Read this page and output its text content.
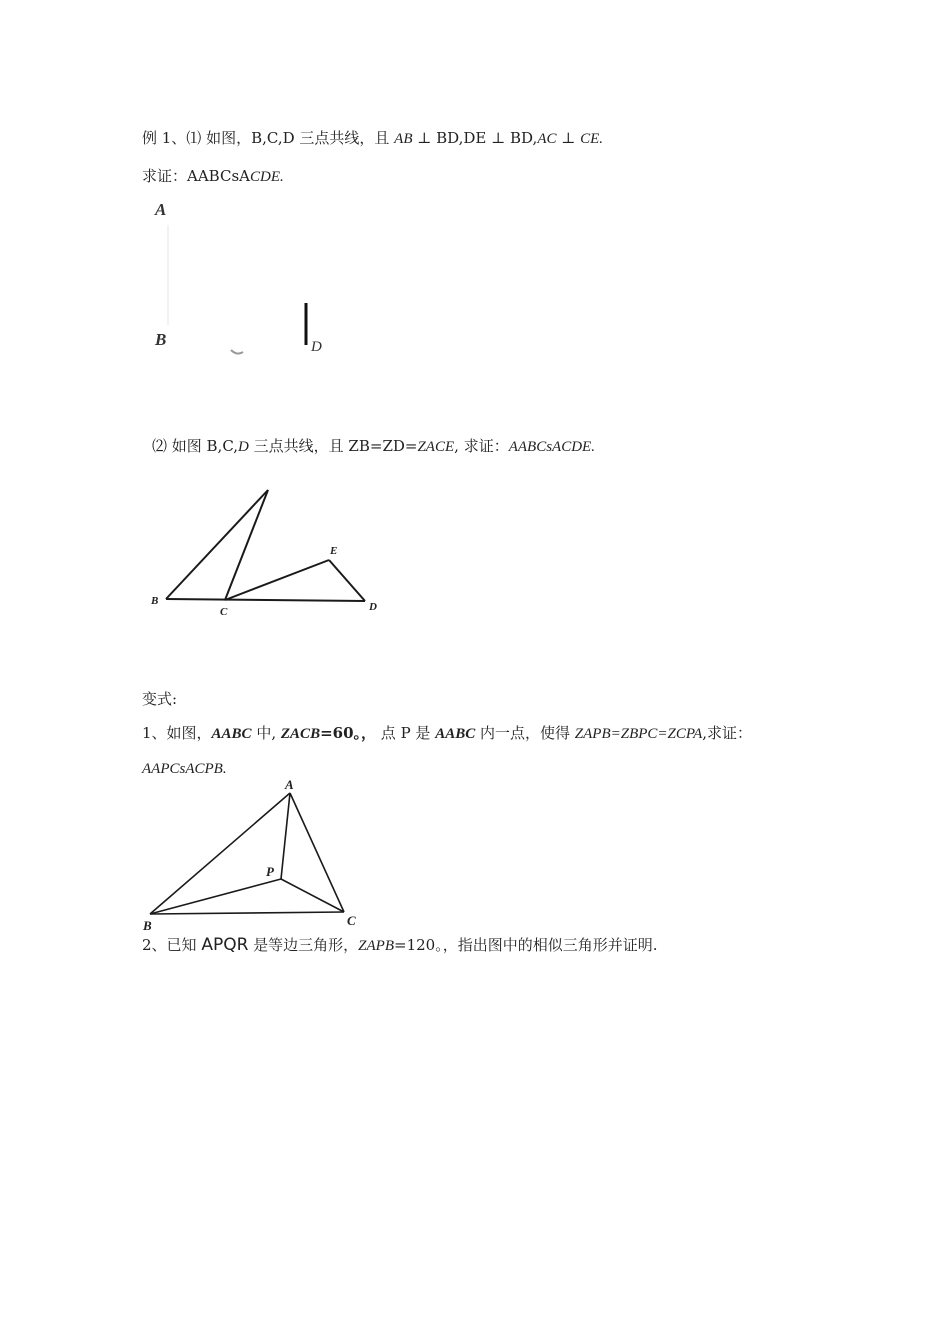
例 1、⑴ 如图，B,C,D 三点共线，且 AB ⊥ BD,DE ⊥ BD,AC ⊥ CE.
求证：AABCsACDE.
A
B	D
⑵ 如图 B,C,D 三点共线，且 ZB=ZD=ZACE, 求证：AABCsACDE.
B
C	D
E
变式:
1、如图，AABC 中, ZACB=60。， 点 P 是 AABC 内一点，使得 ZAPB=ZBPC=ZCPA,求证：
AAPCsACPB.
A
P
B	C
2、已知 APQR 是等边三角形，ZAPB=120。，指出图中的相似三角形并证明.
